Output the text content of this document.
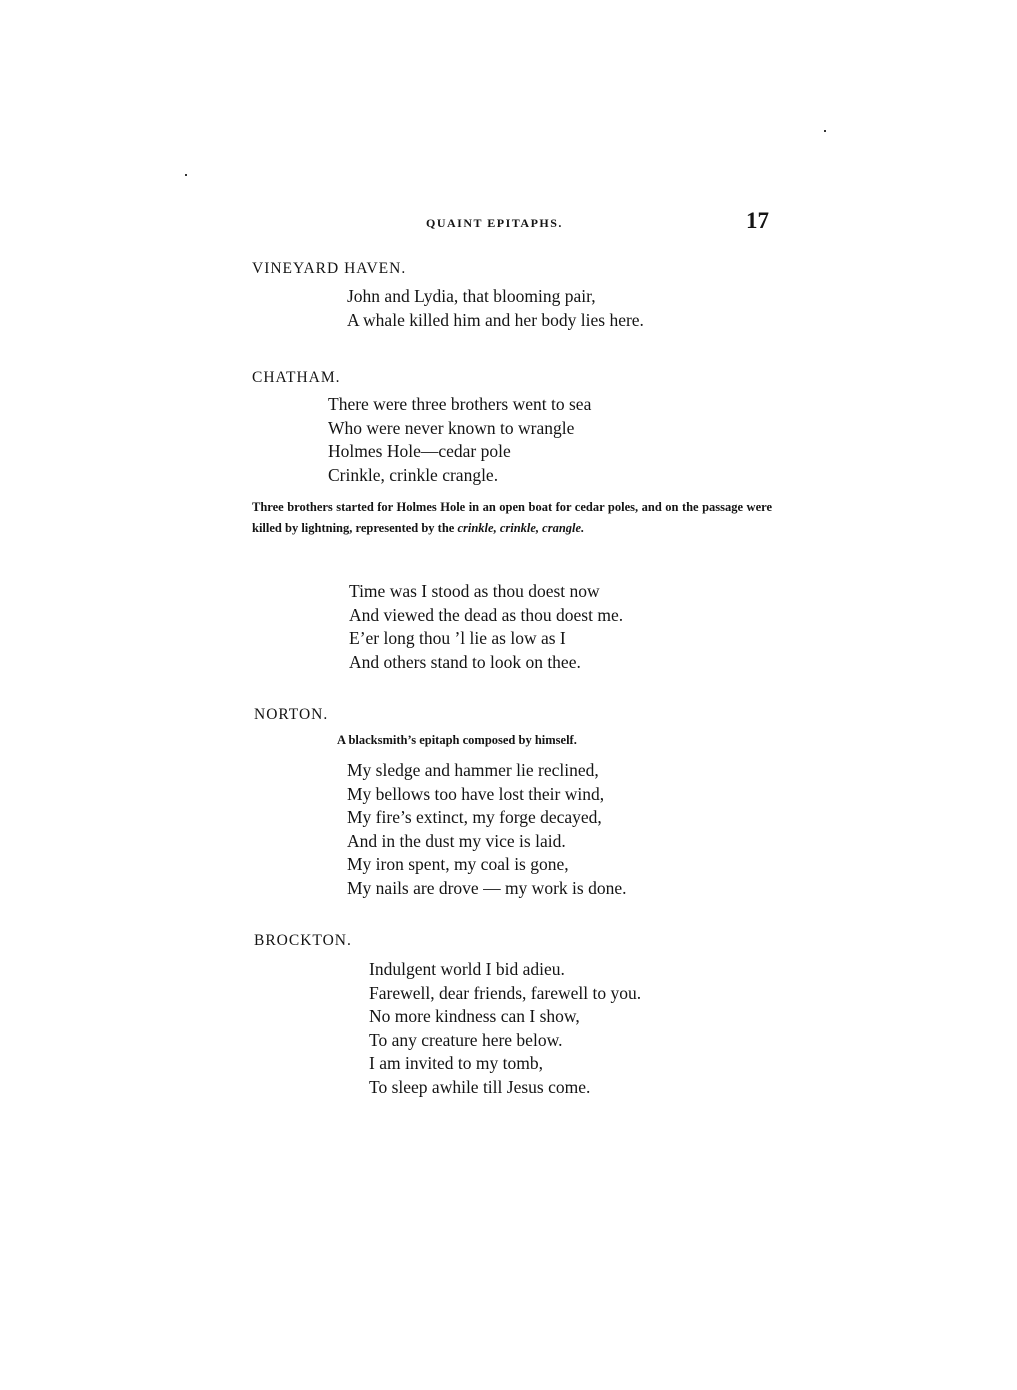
QUAINT EPITAPHS.	17
VINEYARD HAVEN.
John and Lydia, that blooming pair,
A whale killed him and her body lies here.
CHATHAM.
There were three brothers went to sea
Who were never known to wrangle
Holmes Hole—cedar pole
Crinkle, crinkle crangle.
Three brothers started for Holmes Hole in an open boat for cedar poles, and on the passage were killed by lightning, represented by the crinkle, crinkle, crangle.
Time was I stood as thou doest now
And viewed the dead as thou doest me.
E’er long thou ’l lie as low as I
And others stand to look on thee.
NORTON.
A blacksmith’s epitaph composed by himself.
My sledge and hammer lie reclined,
My bellows too have lost their wind,
My fire’s extinct, my forge decayed,
And in the dust my vice is laid.
My iron spent, my coal is gone,
My nails are drove — my work is done.
BROCKTON.
Indulgent world I bid adieu.
Farewell, dear friends, farewell to you.
No more kindness can I show,
To any creature here below.
I am invited to my tomb,
To sleep awhile till Jesus come.
